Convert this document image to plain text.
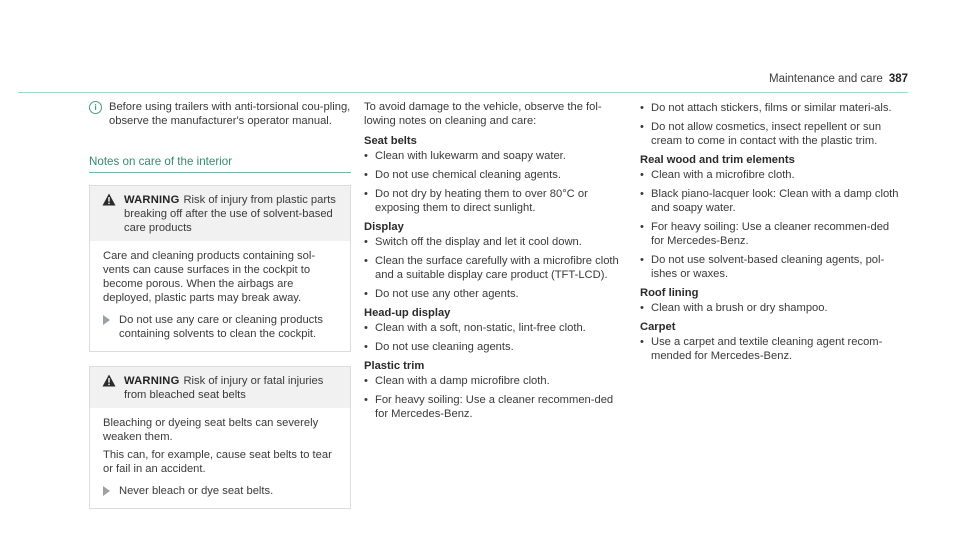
Maintenance and care 387
i	Before using trailers with anti-torsional cou-pling, observe the manufacturer's operator manual.
Notes on care of the interior
WARNING Risk of injury from plastic parts breaking off after the use of solvent-based care products

Care and cleaning products containing sol-vents can cause surfaces in the cockpit to become porous. When the airbags are deployed, plastic parts may break away.

Do not use any care or cleaning products containing solvents to clean the cockpit.
WARNING Risk of injury or fatal injuries from bleached seat belts

Bleaching or dyeing seat belts can severely weaken them.

This can, for example, cause seat belts to tear or fail in an accident.

Never bleach or dye seat belts.

To avoid damage to the vehicle, observe the fol-lowing notes on cleaning and care:

Seat belts
• Clean with lukewarm and soapy water.
• Do not use chemical cleaning agents.
• Do not dry by heating them to over 80°C or exposing them to direct sunlight.
Display
• Switch off the display and let it cool down.
• Clean the surface carefully with a microfibre cloth and a suitable display care product (TFT-LCD).
• Do not use any other agents.
Head-up display
• Clean with a soft, non-static, lint-free cloth.
• Do not use cleaning agents.
Plastic trim
• Clean with a damp microfibre cloth.
• For heavy soiling: Use a cleaner recommen-ded for Mercedes-Benz.
• Do not attach stickers, films or similar materi-als.
• Do not allow cosmetics, insect repellent or sun cream to come in contact with the plastic trim.
Real wood and trim elements
• Clean with a microfibre cloth.
• Black piano-lacquer look: Clean with a damp cloth and soapy water.
• For heavy soiling: Use a cleaner recommen-ded for Mercedes-Benz.
• Do not use solvent-based cleaning agents, pol-ishes or waxes.
Roof lining
• Clean with a brush or dry shampoo.
Carpet
• Use a carpet and textile cleaning agent recom-mended for Mercedes-Benz.
